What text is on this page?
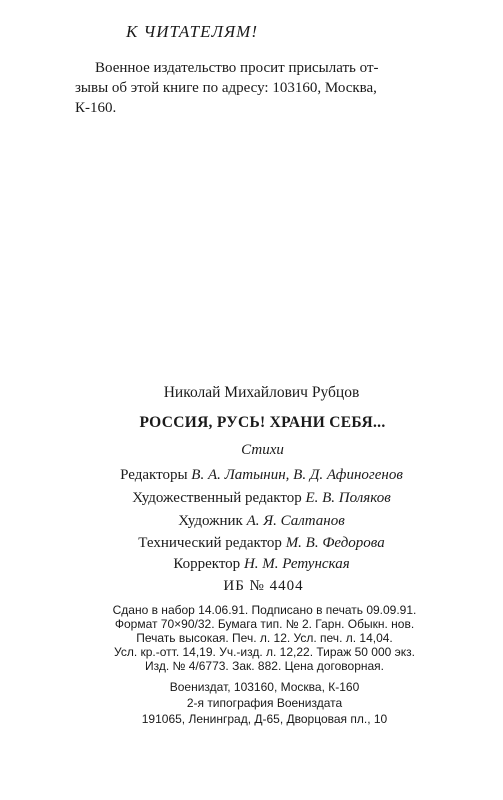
К ЧИТАТЕЛЯМ!
Военное издательство просит присылать от-
зывы об этой книге по адресу: 103160, Москва,
К-160.
Николай Михайлович Рубцов
РОССИЯ, РУСЬ! ХРАНИ СЕБЯ...
Стихи
Редакторы В. А. Латынин, В. Д. Афиногенов
Художественный редактор Е. В. Поляков
Художник А. Я. Салтанов
Технический редактор М. В. Федорова
Корректор Н. М. Ретунская
ИБ № 4404
Сдано в набор 14.06.91. Подписано в печать 09.09.91.
Формат 70×90/32. Бумага тип. № 2. Гарн. Обыкн. нов.
Печать высокая. Печ. л. 12. Усл. печ. л. 14,04.
Усл. кр.-отт. 14,19. Уч.-изд. л. 12,22. Тираж 50 000 экз.
Изд. № 4/6773. Зак. 882. Цена договорная.
Воениздат, 103160, Москва, К-160
2-я типография Воениздата
191065, Ленинград, Д-65, Дворцовая пл., 10
